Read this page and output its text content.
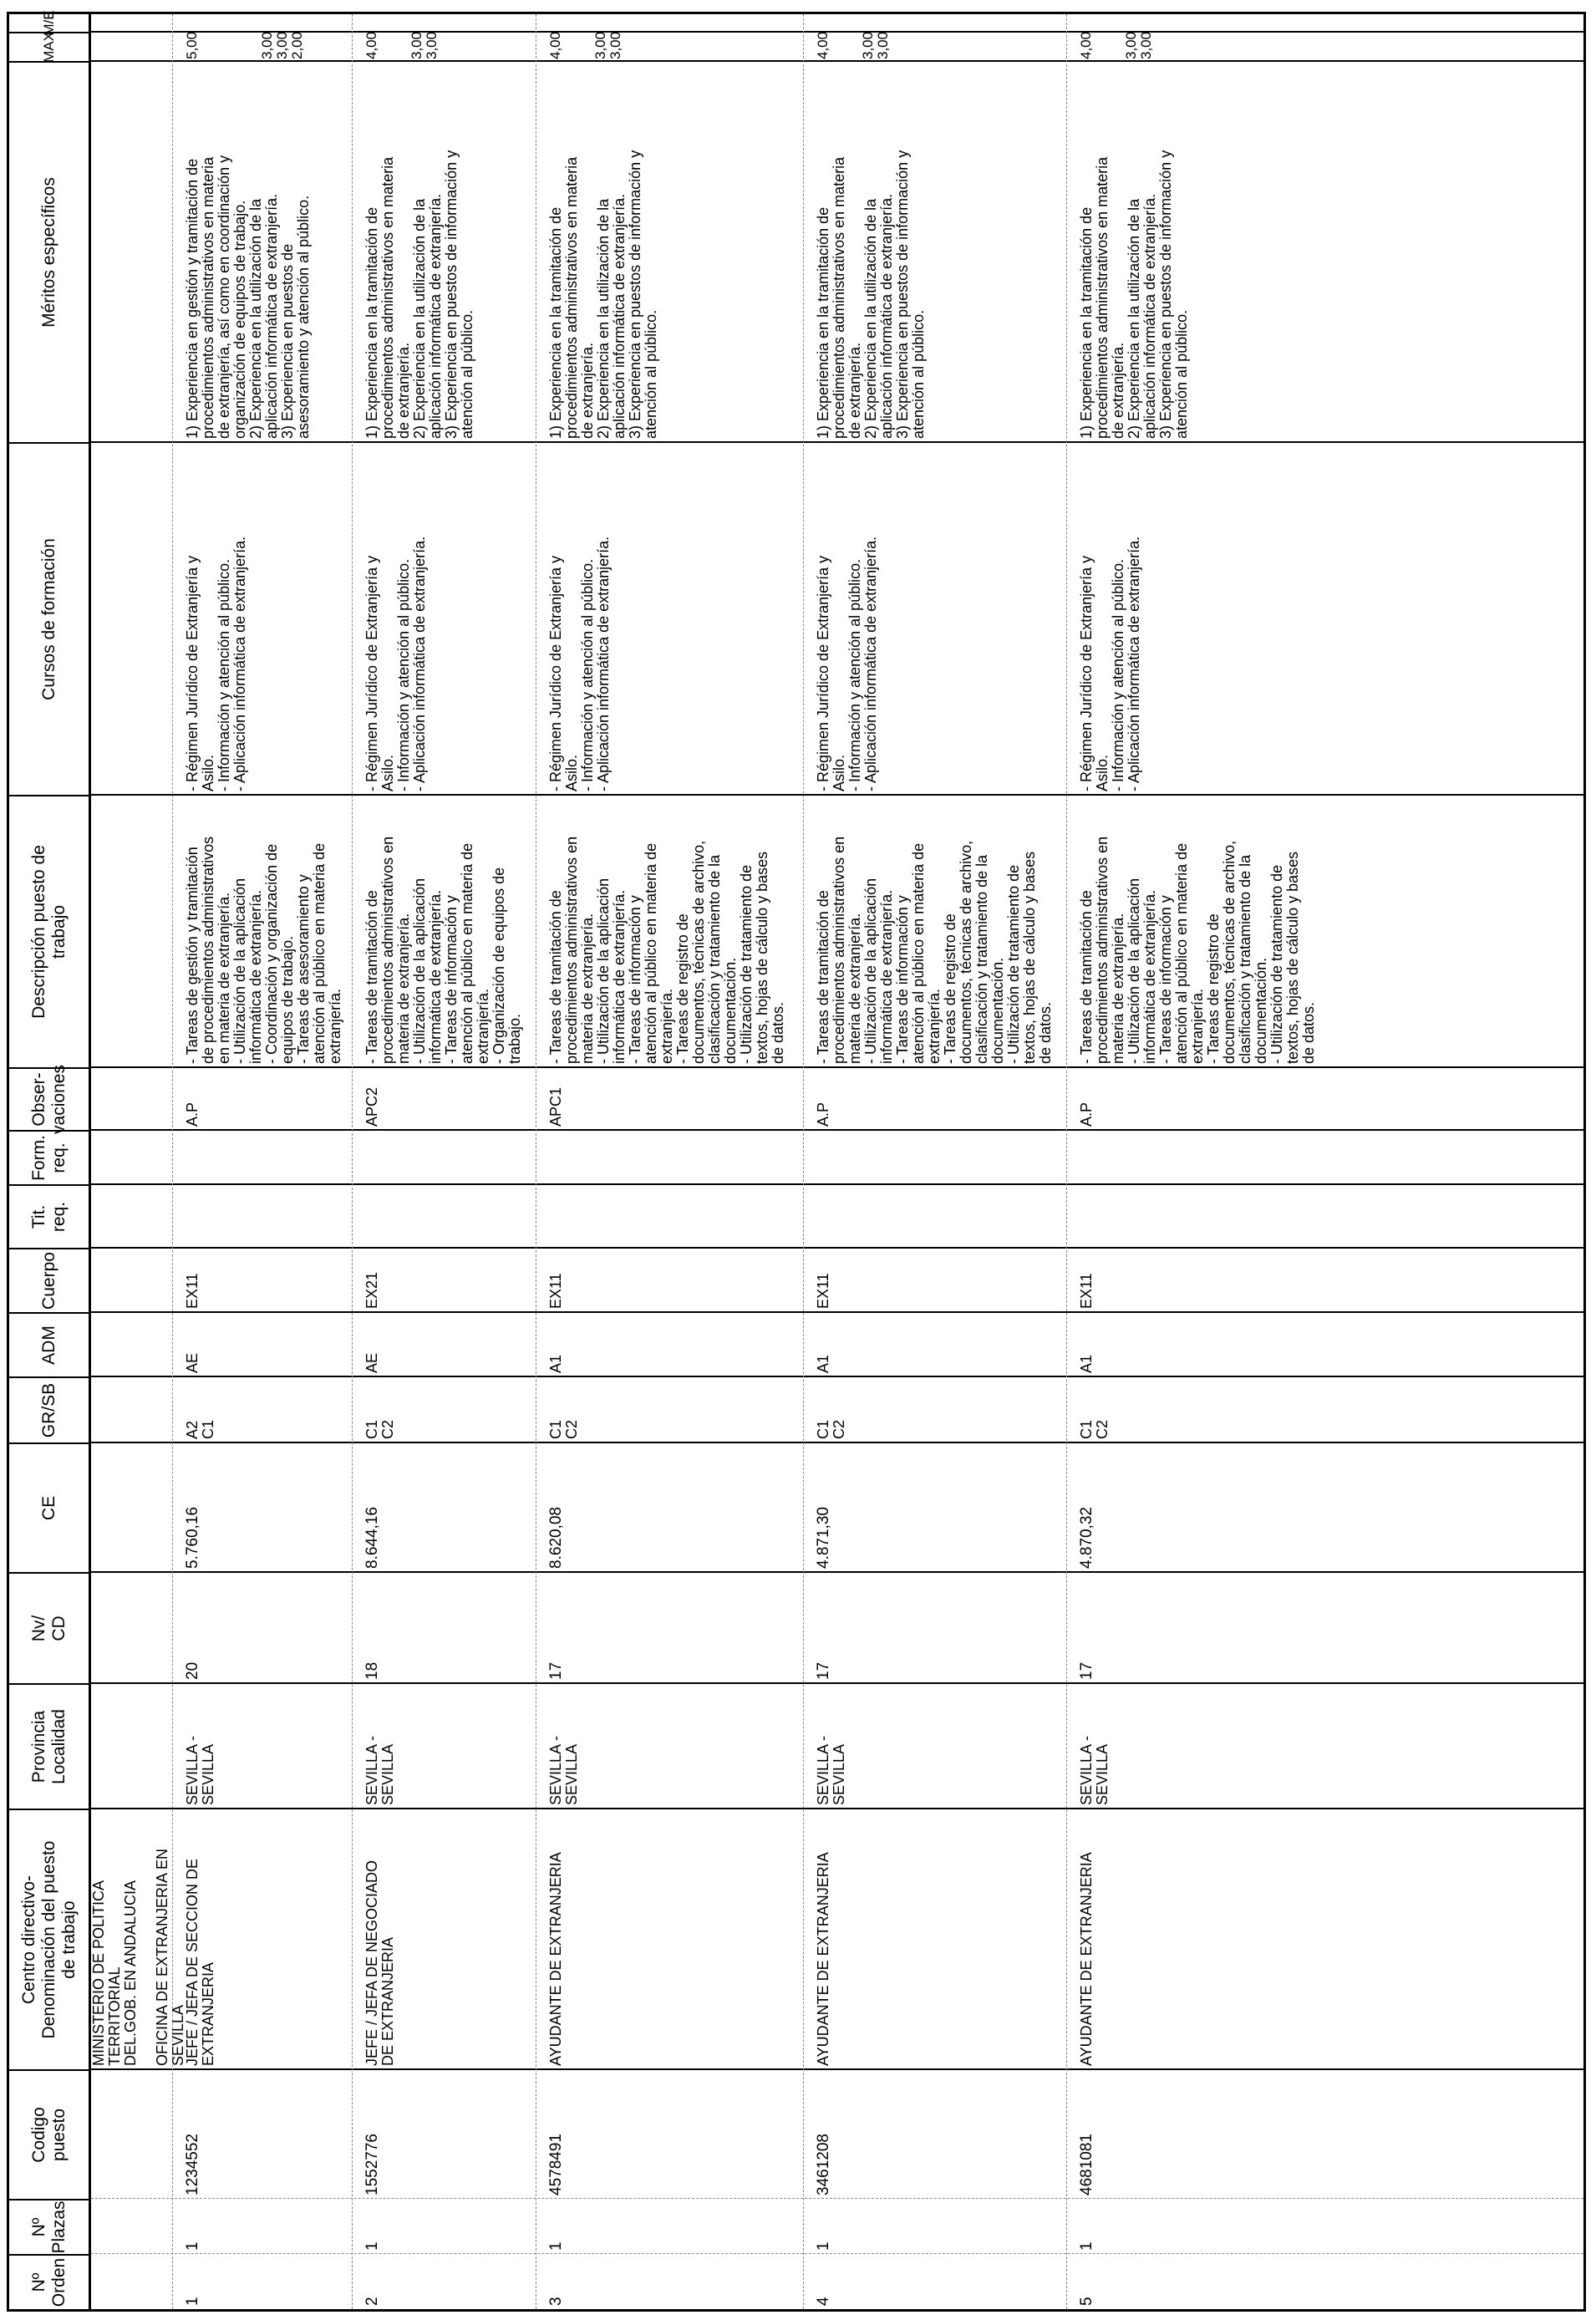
Nº
Orden
Nº
Plazas
Codigo
puesto
Centro directivo-
Denominación del puesto
de trabajo
Provincia
Localidad
Nv/
CD
CE
GR/SB
ADM
Cuerpo
Tit.
req.
Form.
req.
Obser-
vaciones
Descripción puesto de
trabajo
Cursos de formación
Méritos específicos
MAX
M/E
MINISTERIO DE POLITICA
TERRITORIAL
DEL.GOB. EN ANDALUCIA

OFICINA DE EXTRANJERIA EN
SEVILLA
1
1
1234552
JEFE / JEFA DE SECCION DE
EXTRANJERIA
SEVILLA -
SEVILLA
20
5.760,16
A2
C1
AE
EX11
A.P
- Tareas de gestión y tramitación
de procedimientos administrativos
en materia de extranjería.
- Utilización de la aplicación
informática de extranjería.
- Coordinación y organización de
equipos de trabajo.
- Tareas de asesoramiento y
atención al público en materia de
extranjería.
- Régimen Jurídico de Extranjería y
Asilo.
- Información y atención al público.
- Aplicación informática de extranjería.
1) Experiencia en gestión y tramitación de
procedimientos administrativos en materia
de extranjería, así como en coordinación y
organización de equipos de trabajo.
2) Experiencia en la utilización de la
aplicación informática de extranjería.
3) Experiencia en puestos de
asesoramiento y atención al público.
5,00

3,00
3,00
2,00
2
1
1552776
JEFE / JEFA DE NEGOCIADO
DE EXTRANJERIA
SEVILLA -
SEVILLA
18
8.644,16
C1
C2
AE
EX21
APC2
- Tareas de tramitación de
procedimientos administrativos en
materia de extranjería.
- Utilización de la aplicación
informática de extranjería.
- Tareas de información y
atención al público en materia de
extranjería.
- Organización de equipos de
trabajo.
- Régimen Jurídico de Extranjería y
Asilo.
- Información y atención al público.
- Aplicación informática de extranjería.
1) Experiencia en la tramitación de
procedimientos administrativos en materia
de extranjería.
2) Experiencia en la utilización de la
aplicación informática de extranjería.
3) Experiencia en puestos de información y
atención al público.
4,00

3,00
3,00
3
1
4578491
AYUDANTE DE EXTRANJERIA
SEVILLA -
SEVILLA
17
8.620,08
C1
C2
A1
EX11
APC1
- Tareas de tramitación de
procedimientos administrativos en
materia de extranjería.
- Utilización de la aplicación
informática de extranjería.
- Tareas de información y
atención al público en materia de
extranjería.
- Tareas de registro de
documentos, técnicas de archivo,
clasificación y tratamiento de la
documentación.
- Utilización de tratamiento de
textos, hojas de cálculo y bases
de datos.
- Régimen Jurídico de Extranjería y
Asilo.
- Información y atención al público.
- Aplicación informática de extranjería.
1) Experiencia en la tramitación de
procedimientos administrativos en materia
de extranjería.
2) Experiencia en la utilización de la
aplicación informática de extranjería.
3) Experiencia en puestos de información y
atención al público.
4,00

3,00
3,00
4
1
3461208
AYUDANTE DE EXTRANJERIA
SEVILLA -
SEVILLA
17
4.871,30
C1
C2
A1
EX11
A.P
- Tareas de tramitación de
procedimientos administrativos en
materia de extranjería.
- Utilización de la aplicación
informática de extranjería.
- Tareas de información y
atención al público en materia de
extranjería.
- Tareas de registro de
documentos, técnicas de archivo,
clasificación y tratamiento de la
documentación.
- Utilización de tratamiento de
textos, hojas de cálculo y bases
de datos.
- Régimen Jurídico de Extranjería y
Asilo.
- Información y atención al público.
- Aplicación informática de extranjería.
1) Experiencia en la tramitación de
procedimientos administrativos en materia
de extranjería.
2) Experiencia en la utilización de la
aplicación informática de extranjería.
3) Experiencia en puestos de información y
atención al público.
4,00

3,00
3,00
5
1
4681081
AYUDANTE DE EXTRANJERIA
SEVILLA -
SEVILLA
17
4.870,32
C1
C2
A1
EX11
A.P
- Tareas de tramitación de
procedimientos administrativos en
materia de extranjería.
- Utilización de la aplicación
informática de extranjería.
- Tareas de información y
atención al público en materia de
extranjería.
- Tareas de registro de
documentos, técnicas de archivo,
clasificación y tratamiento de la
documentación.
- Utilización de tratamiento de
textos, hojas de cálculo y bases
de datos.
- Régimen Jurídico de Extranjería y
Asilo.
- Información y atención al público.
- Aplicación informática de extranjería.
1) Experiencia en la tramitación de
procedimientos administrativos en materia
de extranjería.
2) Experiencia en la utilización de la
aplicación informática de extranjería.
3) Experiencia en puestos de información y
atención al público.
4,00

3,00
3,00
